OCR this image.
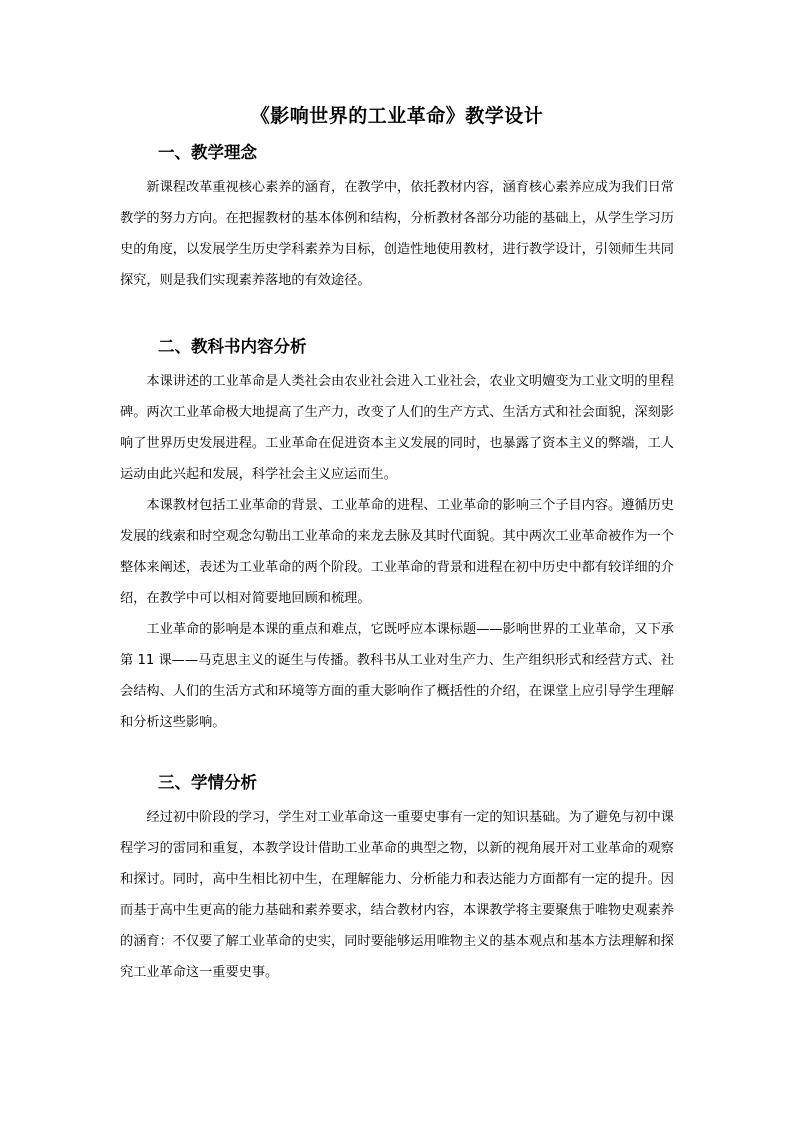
《影响世界的工业革命》教学设计
一、教学理念

新课程改革重视核心素养的涵育，在教学中，依托教材内容，涵育核心素养应成为我们日常教学的努力方向。在把握教材的基本体例和结构，分析教材各部分功能的基础上，从学生学习历史的角度，以发展学生历史学科素养为目标，创造性地使用教材，进行教学设计，引领师生共同探究，则是我们实现素养落地的有效途径。

二、教科书内容分析

本课讲述的工业革命是人类社会由农业社会进入工业社会，农业文明嬗变为工业文明的里程碑。两次工业革命极大地提高了生产力，改变了人们的生产方式、生活方式和社会面貌，深刻影响了世界历史发展进程。工业革命在促进资本主义发展的同时，也暴露了资本主义的弊端，工人运动由此兴起和发展，科学社会主义应运而生。

本课教材包括工业革命的背景、工业革命的进程、工业革命的影响三个子目内容。遵循历史发展的线索和时空观念勾勒出工业革命的来龙去脉及其时代面貌。其中两次工业革命被作为一个整体来阐述，表述为工业革命的两个阶段。工业革命的背景和进程在初中历史中都有较详细的介绍，在教学中可以相对简要地回顾和梳理。

工业革命的影响是本课的重点和难点，它既呼应本课标题——影响世界的工业革命，又下承第 11 课——马克思主义的诞生与传播。教科书从工业对生产力、生产组织形式和经营方式、社会结构、人们的生活方式和环境等方面的重大影响作了概括性的介绍，在课堂上应引导学生理解和分析这些影响。

三、学情分析

经过初中阶段的学习，学生对工业革命这一重要史事有一定的知识基础。为了避免与初中课程学习的雷同和重复，本教学设计借助工业革命的典型之物，以新的视角展开对工业革命的观察和探讨。同时，高中生相比初中生，在理解能力、分析能力和表达能力方面都有一定的提升。因而基于高中生更高的能力基础和素养要求，结合教材内容，本课教学将主要聚焦于唯物史观素养的涵育：不仅要了解工业革命的史实，同时要能够运用唯物主义的基本观点和基本方法理解和探究工业革命这一重要史事。
